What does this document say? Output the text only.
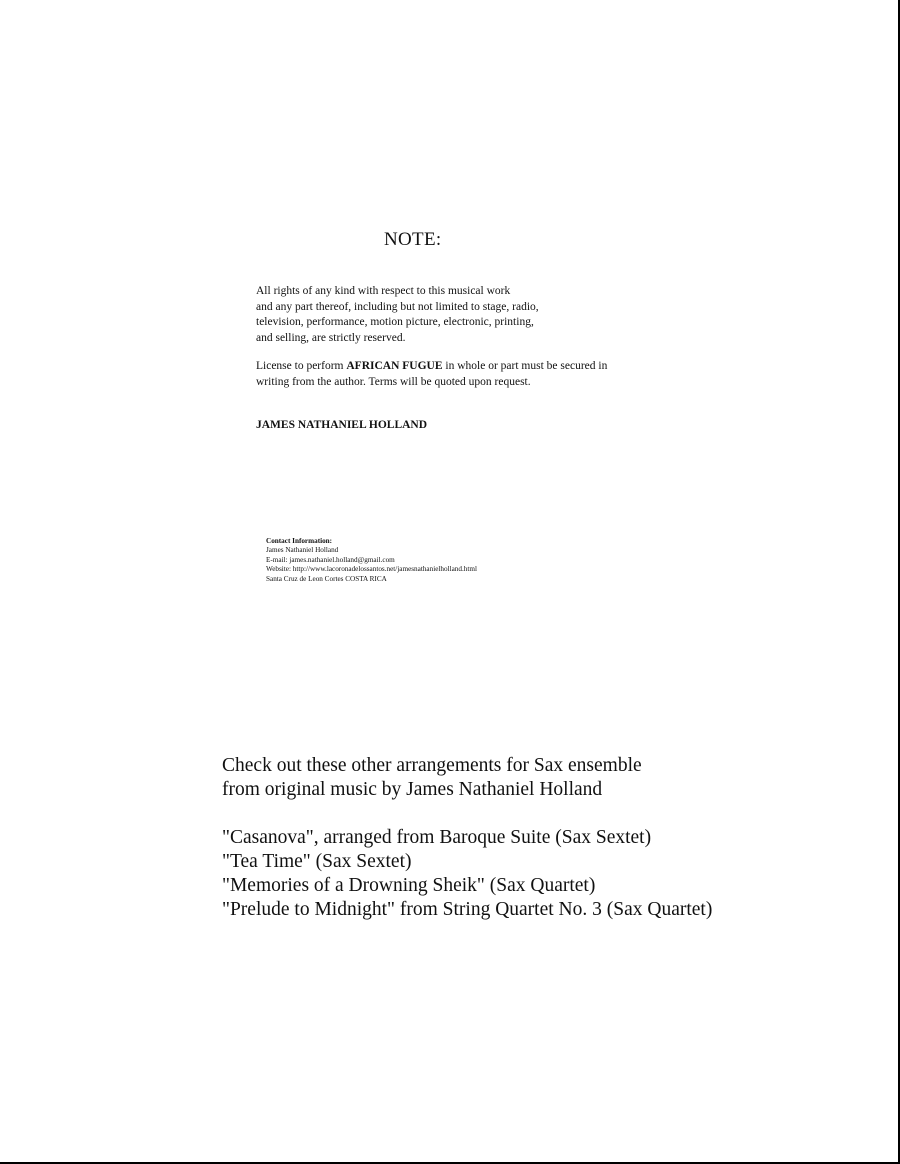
NOTE:

All rights of any kind with respect to this musical work

and any part thereof, including but not limited to stage, radio,

television, performance, motion picture, electronic, printing,

and selling, are strictly reserved.

License to perform AFRICAN FUGUE in whole or part must be secured in

writing from the author. Terms will be quoted upon request.

JAMES NATHANIEL HOLLAND
Contact Information:
James Nathaniel Holland
E-mail: james.nathaniel.holland@gmail.com
Website: http://www.lacoronadelossantos.net/jamesnathanielholland.html
Santa Cruz de Leon Cortes COSTA RICA
Check out these other arrangements for Sax ensemble
from original music by James Nathaniel Holland
"Casanova", arranged from Baroque Suite (Sax Sextet)
"Tea Time" (Sax Sextet)
"Memories of a Drowning Sheik" (Sax Quartet)
"Prelude to Midnight" from String Quartet No. 3 (Sax Quartet)
